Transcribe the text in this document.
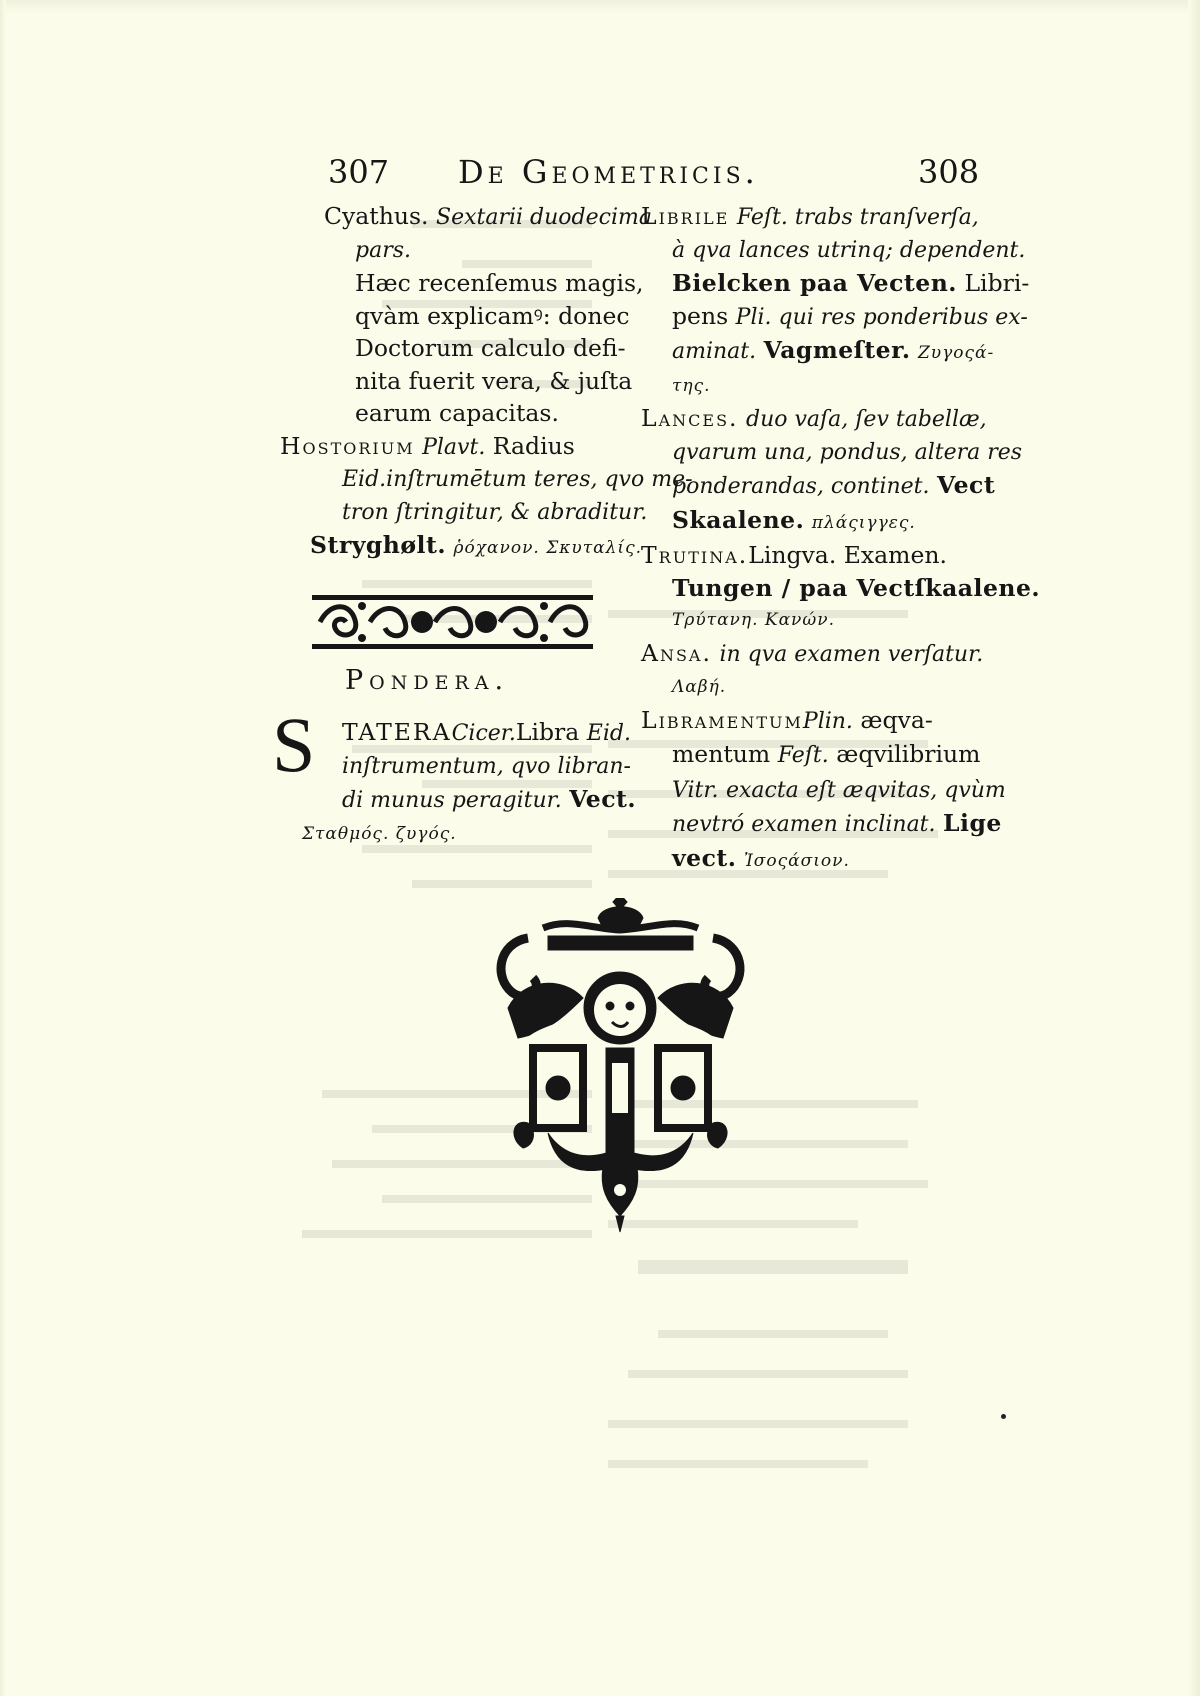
307 De Geometricis.	308
Cyathus. Sextarii duodecima
pars.
Hæc recenſemus magis,
qvàm explicamꝰ: donec
Doctorum calculo defi-
nita fuerit vera, & juſta
earum capacitas.
Hostorium Plavt. Radius
Eid.inſtrumētum teres, qvo me-
tron ſtringitur, & abraditur.
Stryghølt. ῥόχανον. Σκυταλίς.
Pondera.
S TATERACicer.Libra Eid.
inſtrumentum, qvo libran-
di munus peragitur. Vect.
Σταθμός. ζυγός.
Librile Feſt. trabs tranſverſa,
à qva lances utrinq; dependent.
Bielcken paa Vecten. Libri-
pens Pli. qui res ponderibus ex-
aminat. Vagmeſter. Ζυγοςά-
της.
Lances. duo vaſa, ſev tabellæ,
qvarum una, pondus, altera res
ponderandas, continet. Vect
Skaalene. πλάςιγγες.
Trutina.Lingva. Examen.
Tungen / paa Vectſkaalene.
Τρύτανη. Κανών.
Ansa. in qva examen verſatur.
Λαβή.
LibramentumPlin. æqva-
mentum Feſt. æqvilibrium
Vitr. exacta eſt æqvitas, qvùm
nevtró examen inclinat. Lige
vect. Ἰσοςάσιον.
